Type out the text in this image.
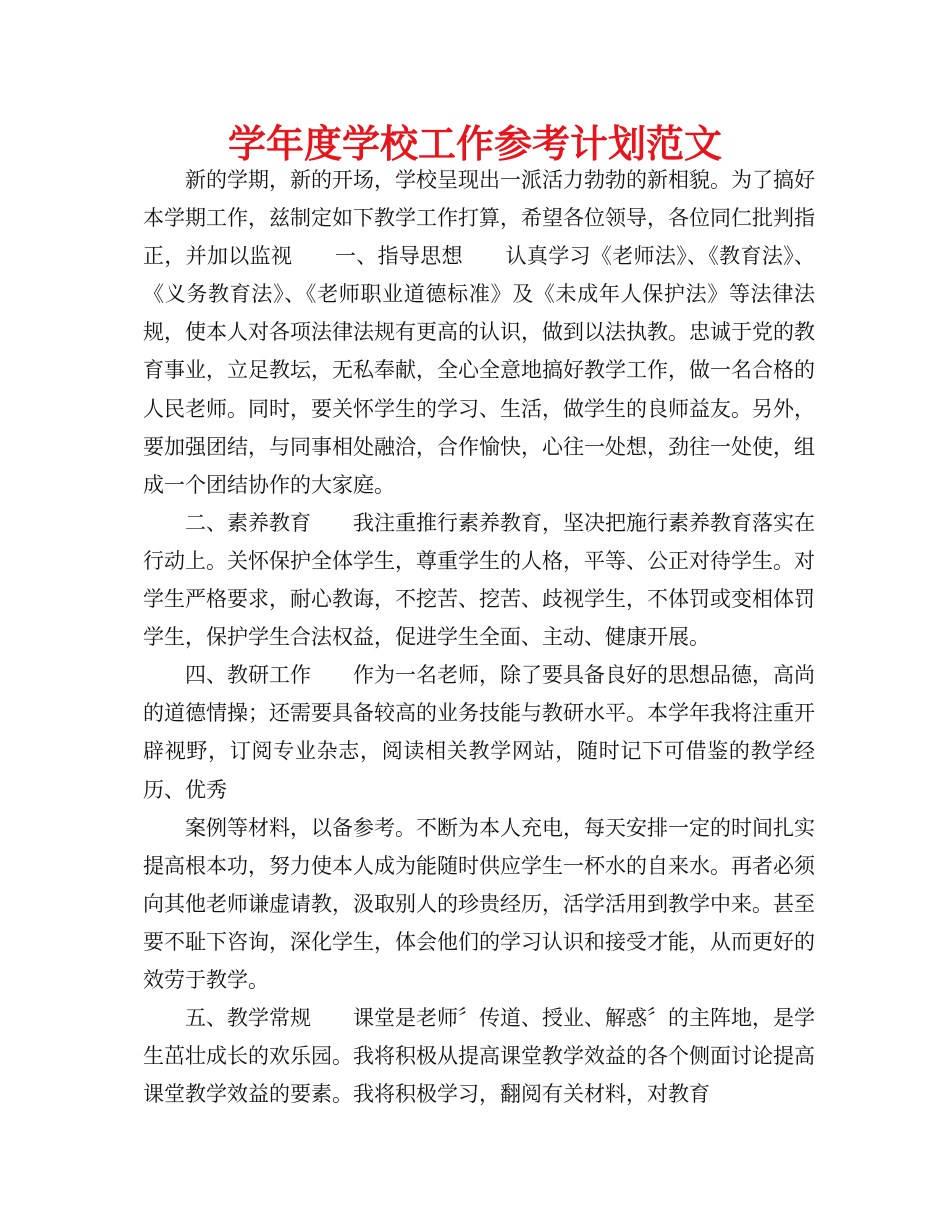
学年度学校工作参考计划范文

新的学期，新的开场，学校呈现出一派活力勃勃的新相貌。为了搞好本学期工作，兹制定如下教学工作打算，希望各位领导，各位同仁批判指正，并加以监视　　一、指导思想　　认真学习《老师法》、《教育法》、《义务教育法》、《老师职业道德标准》及《未成年人保护法》等法律法规，使本人对各项法律法规有更高的认识，做到以法执教。忠诚于党的教育事业，立足教坛，无私奉献，全心全意地搞好教学工作，做一名合格的人民老师。同时，要关怀学生的学习、生活，做学生的良师益友。另外，要加强团结，与同事相处融洽，合作愉快，心往一处想，劲往一处使，组成一个团结协作的大家庭。

二、素养教育　　我注重推行素养教育，坚决把施行素养教育落实在行动上。关怀保护全体学生，尊重学生的人格，平等、公正对待学生。对学生严格要求，耐心教诲，不挖苦、挖苦、歧视学生，不体罚或变相体罚学生，保护学生合法权益，促进学生全面、主动、健康开展。

四、教研工作　　作为一名老师，除了要具备良好的思想品德，高尚的道德情操；还需要具备较高的业务技能与教研水平。本学年我将注重开辟视野，订阅专业杂志，阅读相关教学网站，随时记下可借鉴的教学经历、优秀

案例等材料，以备参考。不断为本人充电，每天安排一定的时间扎实提高根本功，努力使本人成为能随时供应学生一杯水的自来水。再者必须向其他老师谦虚请教，汲取别人的珍贵经历，活学活用到教学中来。甚至要不耻下咨询，深化学生，体会他们的学习认识和接受才能，从而更好的效劳于教学。

五、教学常规　　课堂是老师〞传道、授业、解惑〞的主阵地，是学生茁壮成长的欢乐园。我将积极从提高课堂教学效益的各个侧面讨论提高课堂教学效益的要素。我将积极学习，翻阅有关材料，对教育
